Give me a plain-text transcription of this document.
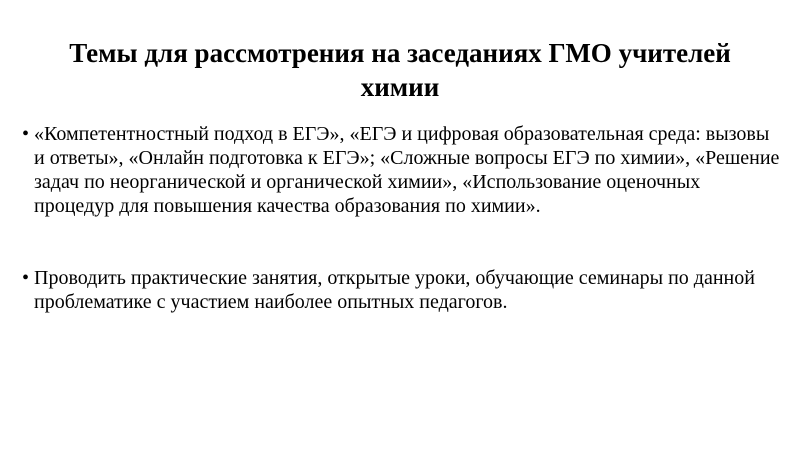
Темы для рассмотрения на заседаниях ГМО учителей химии
• «Компетентностный подход в ЕГЭ», «ЕГЭ и цифровая образовательная среда: вызовы и ответы», «Онлайн подготовка к ЕГЭ»; «Сложные вопросы ЕГЭ по химии», «Решение задач по неорганической и органической химии», «Использование оценочных процедур для повышения качества образования по химии».
• Проводить практические занятия, открытые уроки, обучающие семинары по данной проблематике с участием наиболее опытных педагогов.
